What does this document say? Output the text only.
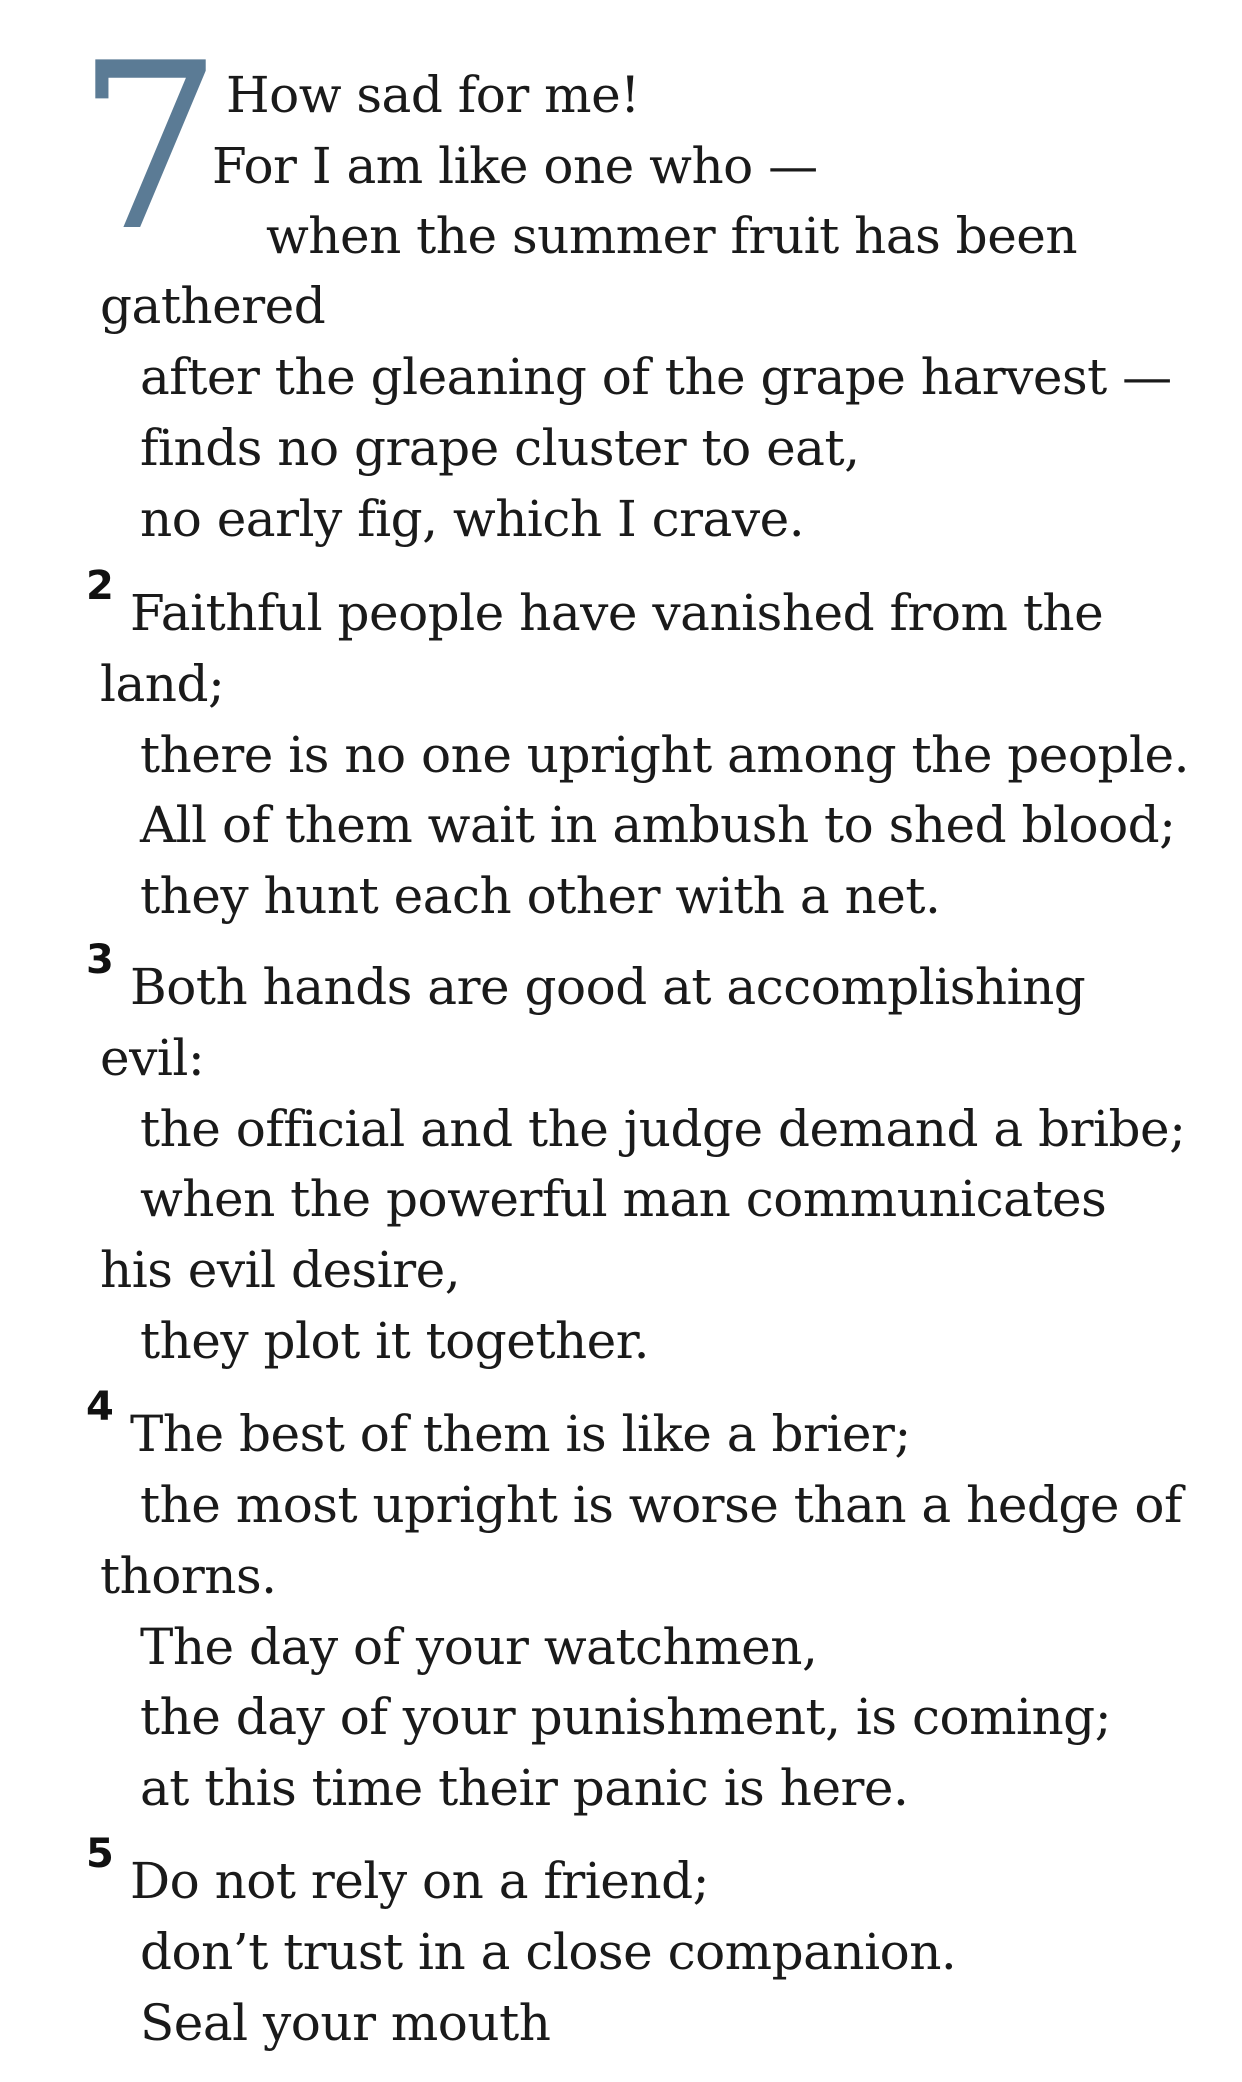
7 How sad for me!
For I am like one who —
when the summer fruit has been
gathered
after the gleaning of the grape harvest —
finds no grape cluster to eat,
no early fig, which I crave.
2 Faithful people have vanished from the
land;
there is no one upright among the people.
All of them wait in ambush to shed blood;
they hunt each other with a net.
3 Both hands are good at accomplishing
evil:
the official and the judge demand a bribe;
when the powerful man communicates
his evil desire,
they plot it together.
4 The best of them is like a brier;
the most upright is worse than a hedge of
thorns.
The day of your watchmen,
the day of your punishment, is coming;
at this time their panic is here.
5 Do not rely on a friend;
don’t trust in a close companion.
Seal your mouth
